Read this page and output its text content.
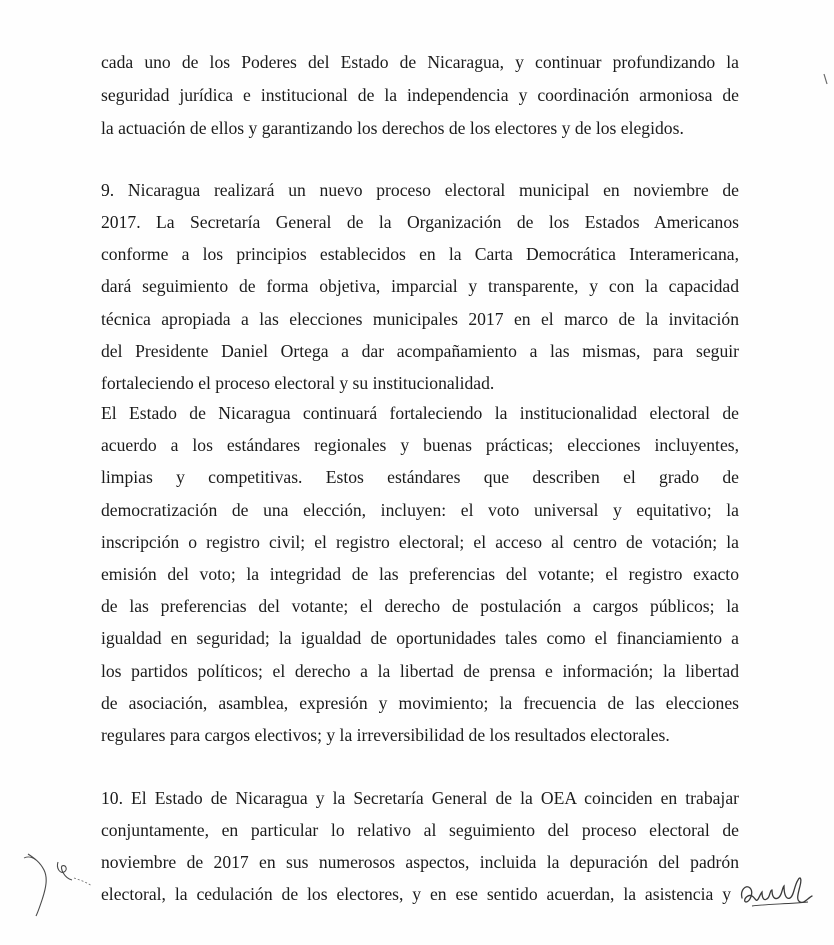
cada uno de los Poderes del Estado de Nicaragua, y continuar profundizando la

seguridad jurídica e institucional de la independencia y coordinación armoniosa de

la actuación de ellos y garantizando los derechos de los electores y de los elegidos.

9. Nicaragua realizará un nuevo proceso electoral municipal en noviembre de

2017. La Secretaría General de la Organización de los Estados Americanos

conforme a los principios establecidos en la Carta Democrática Interamericana,

dará seguimiento de forma objetiva, imparcial y transparente, y con la capacidad

técnica apropiada a las elecciones municipales 2017 en el marco de la invitación

del Presidente Daniel Ortega a dar acompañamiento a las mismas, para seguir

fortaleciendo el proceso electoral y su institucionalidad.

El Estado de Nicaragua continuará fortaleciendo la institucionalidad electoral de

acuerdo a los estándares regionales y buenas prácticas; elecciones incluyentes,

limpias y competitivas. Estos estándares que describen el grado de

democratización de una elección, incluyen: el voto universal y equitativo; la

inscripción o registro civil; el registro electoral; el acceso al centro de votación; la

emisión del voto; la integridad de las preferencias del votante; el registro exacto

de las preferencias del votante; el derecho de postulación a cargos públicos; la

igualdad en seguridad; la igualdad de oportunidades tales como el financiamiento a

los partidos políticos; el derecho a la libertad de prensa e información; la libertad

de asociación, asamblea, expresión y movimiento; la frecuencia de las elecciones

regulares para cargos electivos; y la irreversibilidad de los resultados electorales.

10. El Estado de Nicaragua y la Secretaría General de la OEA coinciden en trabajar

conjuntamente, en particular lo relativo al seguimiento del proceso electoral de

noviembre de 2017 en sus numerosos aspectos, incluida la depuración del padrón

electoral, la cedulación de los electores, y en ese sentido acuerdan, la asistencia y
